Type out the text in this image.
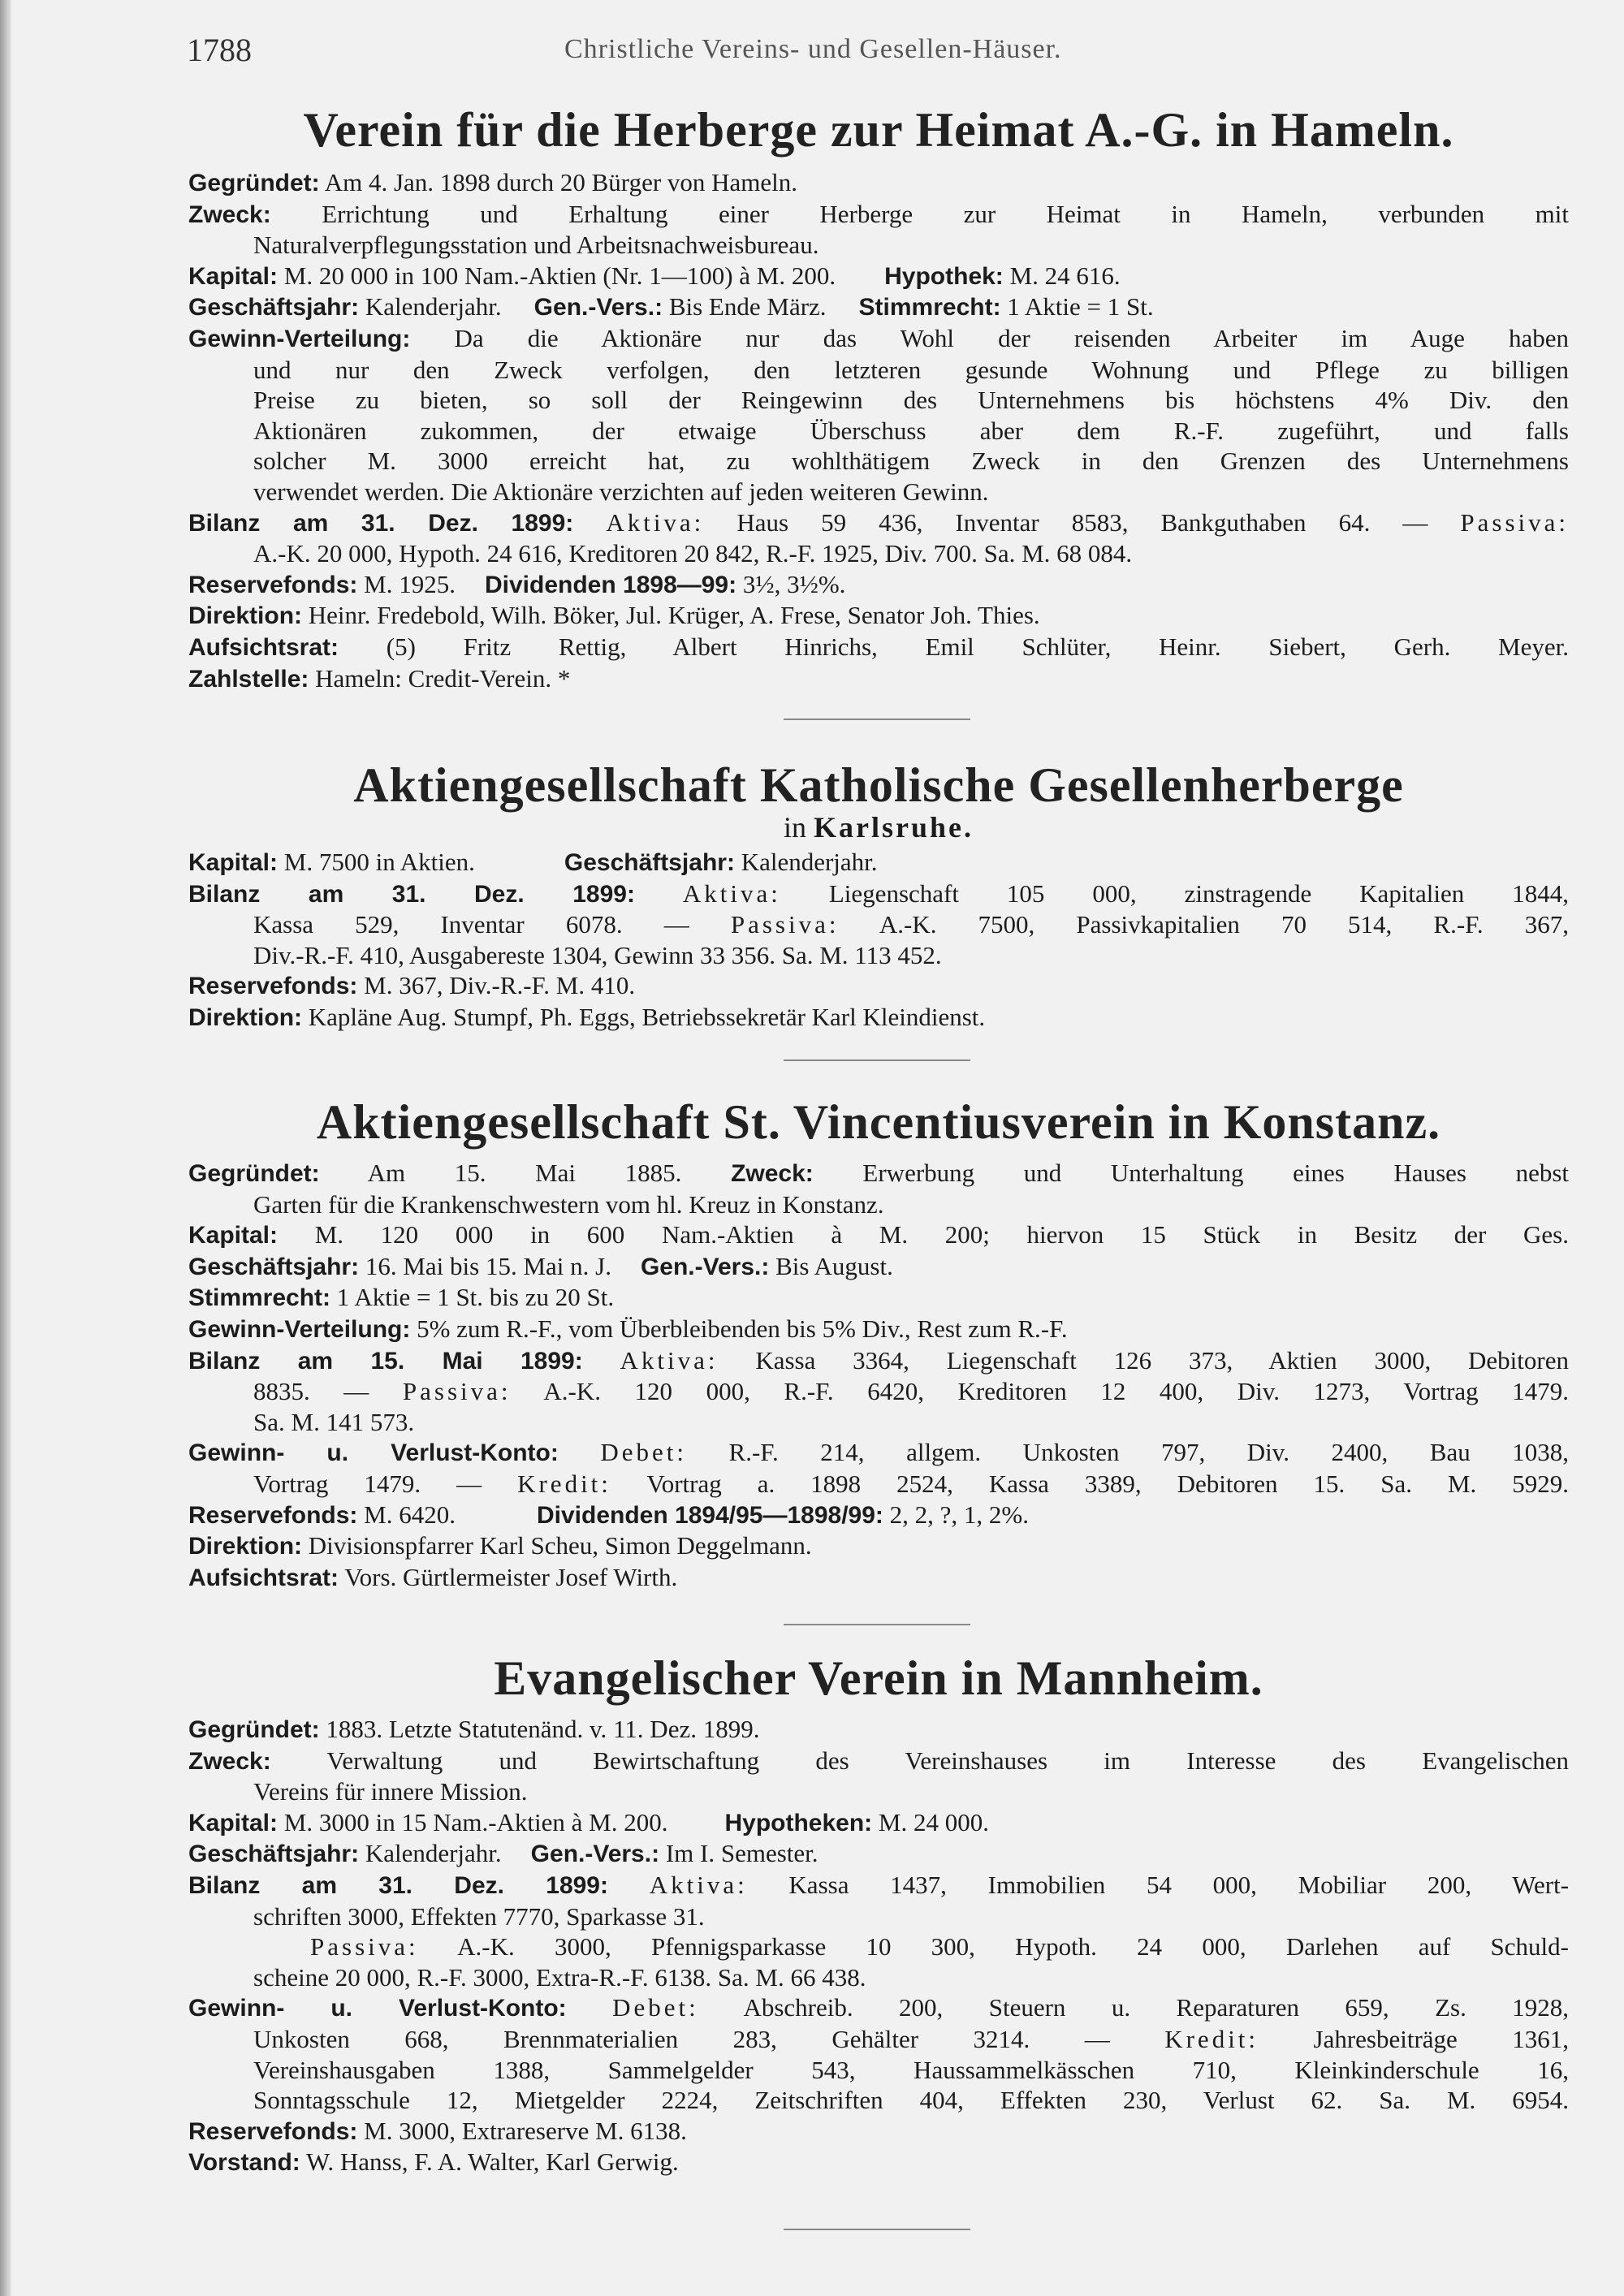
1788	Christliche Vereins- und Gesellen-Häuser.
Verein für die Herberge zur Heimat A.-G. in Hameln.
Gegründet: Am 4. Jan. 1898 durch 20 Bürger von Hameln.
Zweck: Errichtung und Erhaltung einer Herberge zur Heimat in Hameln, verbunden mit
Naturalverpflegungsstation und Arbeitsnachweisbureau.
Kapital: M. 20 000 in 100 Nam.-Aktien (Nr. 1—100) à M. 200. Hypothek: M. 24 616.
Geschäftsjahr: Kalenderjahr. Gen.-Vers.: Bis Ende März. Stimmrecht: 1 Aktie = 1 St.
Gewinn-Verteilung: Da die Aktionäre nur das Wohl der reisenden Arbeiter im Auge haben
und nur den Zweck verfolgen, den letzteren gesunde Wohnung und Pflege zu billigen
Preise zu bieten, so soll der Reingewinn des Unternehmens bis höchstens 4% Div. den
Aktionären zukommen, der etwaige Überschuss aber dem R.-F. zugeführt, und falls
solcher M. 3000 erreicht hat, zu wohlthätigem Zweck in den Grenzen des Unternehmens
verwendet werden. Die Aktionäre verzichten auf jeden weiteren Gewinn.
Bilanz am 31. Dez. 1899: Aktiva: Haus 59 436, Inventar 8583, Bankguthaben 64. — Passiva:
A.-K. 20 000, Hypoth. 24 616, Kreditoren 20 842, R.-F. 1925, Div. 700. Sa. M. 68 084.
Reservefonds: M. 1925. Dividenden 1898—99: 3½, 3½%.
Direktion: Heinr. Fredebold, Wilh. Böker, Jul. Krüger, A. Frese, Senator Joh. Thies.
Aufsichtsrat: (5) Fritz Rettig, Albert Hinrichs, Emil Schlüter, Heinr. Siebert, Gerh. Meyer.
Zahlstelle: Hameln: Credit-Verein. *
Aktiengesellschaft Katholische Gesellenherberge

in Karlsruhe.

Kapital: M. 7500 in Aktien.	Geschäftsjahr: Kalenderjahr.
Bilanz am 31. Dez. 1899: Aktiva: Liegenschaft 105 000, zinstragende Kapitalien 1844,
Kassa 529, Inventar 6078. — Passiva: A.-K. 7500, Passivkapitalien 70 514, R.-F. 367,
Div.-R.-F. 410, Ausgabereste 1304, Gewinn 33 356. Sa. M. 113 452.
Reservefonds: M. 367, Div.-R.-F. M. 410.
Direktion: Kapläne Aug. Stumpf, Ph. Eggs, Betriebssekretär Karl Kleindienst.
Aktiengesellschaft St. Vincentiusverein in Konstanz.
Gegründet: Am 15. Mai 1885. Zweck: Erwerbung und Unterhaltung eines Hauses nebst
Garten für die Krankenschwestern vom hl. Kreuz in Konstanz.
Kapital: M. 120 000 in 600 Nam.-Aktien à M. 200; hiervon 15 Stück in Besitz der Ges.
Geschäftsjahr: 16. Mai bis 15. Mai n. J. Gen.-Vers.: Bis August.
Stimmrecht: 1 Aktie = 1 St. bis zu 20 St.
Gewinn-Verteilung: 5% zum R.-F., vom Überbleibenden bis 5% Div., Rest zum R.-F.
Bilanz am 15. Mai 1899: Aktiva: Kassa 3364, Liegenschaft 126 373, Aktien 3000, Debitoren
8835. — Passiva: A.-K. 120 000, R.-F. 6420, Kreditoren 12 400, Div. 1273, Vortrag 1479.
Sa. M. 141 573.
Gewinn- u. Verlust-Konto: Debet: R.-F. 214, allgem. Unkosten 797, Div. 2400, Bau 1038,
Vortrag 1479. — Kredit: Vortrag a. 1898 2524, Kassa 3389, Debitoren 15. Sa. M. 5929.
Reservefonds: M. 6420.	Dividenden 1894/95—1898/99: 2, 2, ?, 1, 2%.
Direktion: Divisionspfarrer Karl Scheu, Simon Deggelmann.
Aufsichtsrat: Vors. Gürtlermeister Josef Wirth.
Evangelischer Verein in Mannheim.
Gegründet: 1883. Letzte Statutenänd. v. 11. Dez. 1899.
Zweck: Verwaltung und Bewirtschaftung des Vereinshauses im Interesse des Evangelischen
Vereins für innere Mission.
Kapital: M. 3000 in 15 Nam.-Aktien à M. 200. Hypotheken: M. 24 000.
Geschäftsjahr: Kalenderjahr. Gen.-Vers.: Im I. Semester.
Bilanz am 31. Dez. 1899: Aktiva: Kassa 1437, Immobilien 54 000, Mobiliar 200, Wert-
schriften 3000, Effekten 7770, Sparkasse 31.
Passiva: A.-K. 3000, Pfennigsparkasse 10 300, Hypoth. 24 000, Darlehen auf Schuld-
scheine 20 000, R.-F. 3000, Extra-R.-F. 6138. Sa. M. 66 438.
Gewinn- u. Verlust-Konto: Debet: Abschreib. 200, Steuern u. Reparaturen 659, Zs. 1928,
Unkosten 668, Brennmaterialien 283, Gehälter 3214. — Kredit: Jahresbeiträge 1361,
Vereinshausgaben 1388, Sammelgelder 543, Haussammelkässchen 710, Kleinkinderschule 16,
Sonntagsschule 12, Mietgelder 2224, Zeitschriften 404, Effekten 230, Verlust 62. Sa. M. 6954.
Reservefonds: M. 3000, Extrareserve M. 6138.
Vorstand: W. Hanss, F. A. Walter, Karl Gerwig.
